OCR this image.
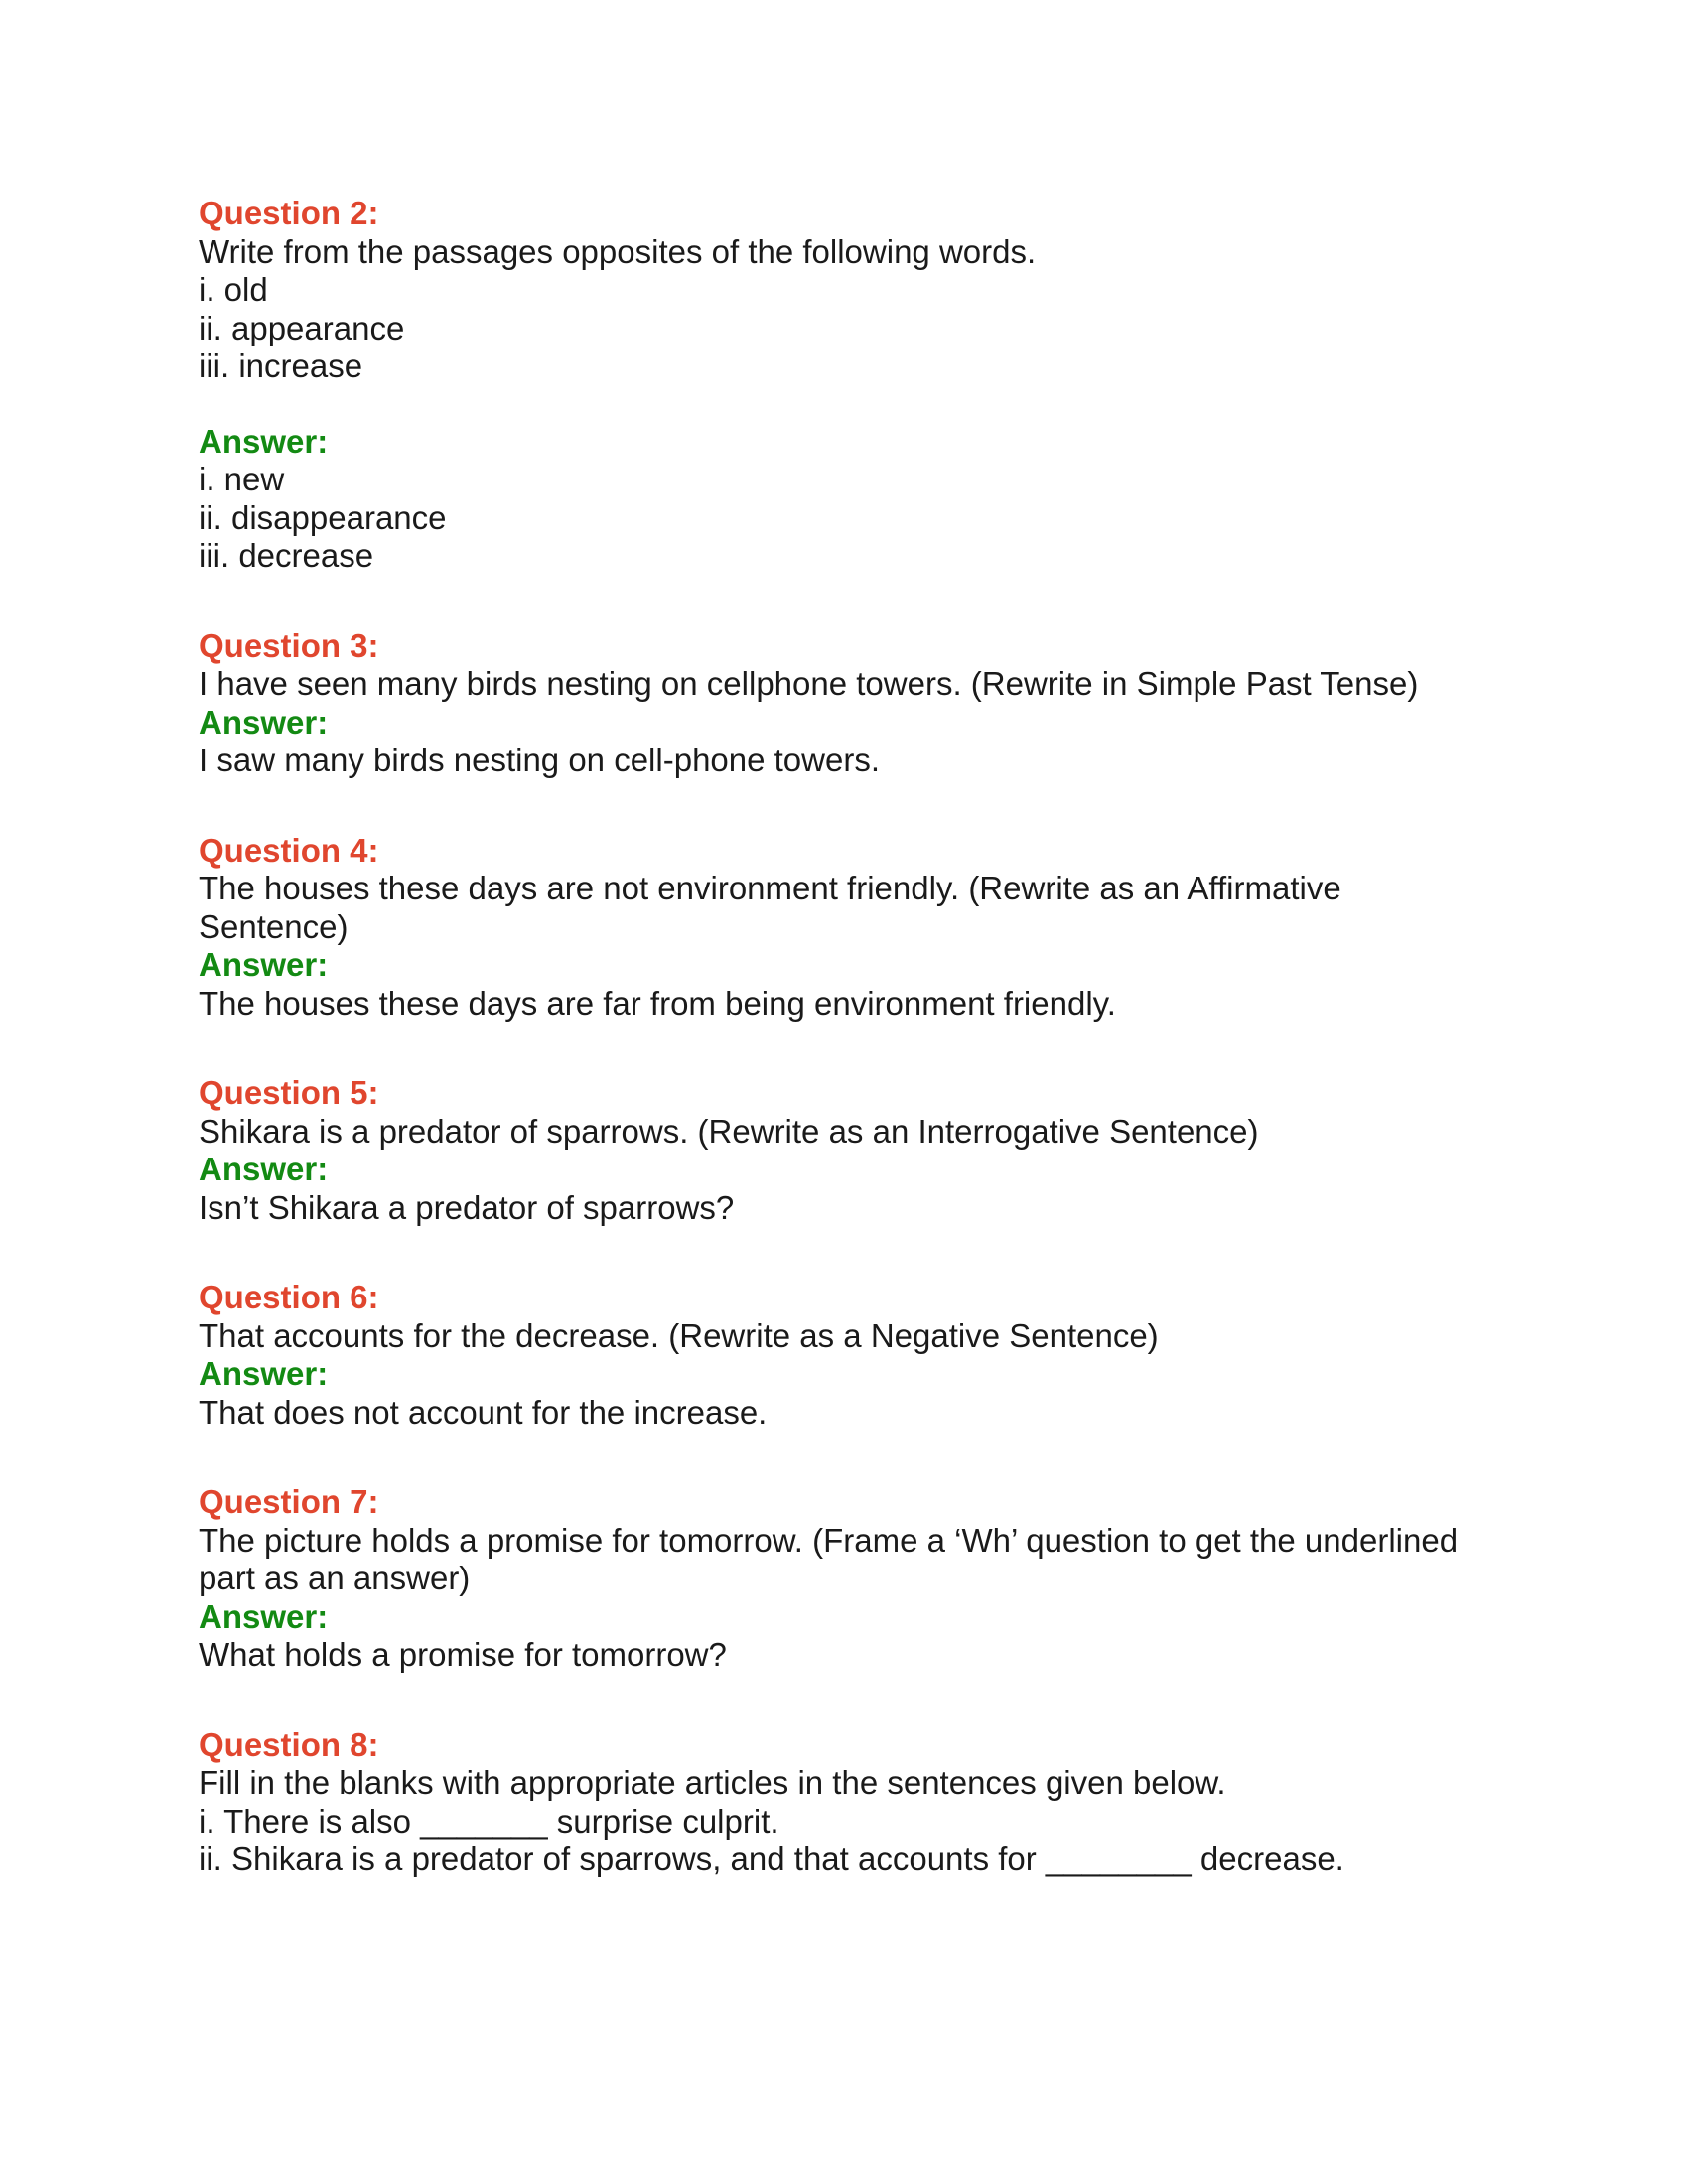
Question 2:

Write from the passages opposites of the following words.

i. old

ii. appearance

iii. increase

Answer:

i. new

ii. disappearance

iii. decrease

Question 3:

I have seen many birds nesting on cellphone towers. (Rewrite in Simple Past Tense)

Answer:

I saw many birds nesting on cell-phone towers.

Question 4:

The houses these days are not environment friendly. (Rewrite as an Affirmative

Sentence)

Answer:

The houses these days are far from being environment friendly.

Question 5:

Shikara is a predator of sparrows. (Rewrite as an Interrogative Sentence)

Answer:

Isn’t Shikara a predator of sparrows?

Question 6:

That accounts for the decrease. (Rewrite as a Negative Sentence)

Answer:

That does not account for the increase.

Question 7:

The picture holds a promise for tomorrow. (Frame a ‘Wh’ question to get the underlined

part as an answer)

Answer:

What holds a promise for tomorrow?

Question 8:

Fill in the blanks with appropriate articles in the sentences given below.

i. There is also _______ surprise culprit.

ii. Shikara is a predator of sparrows, and that accounts for ________ decrease.
